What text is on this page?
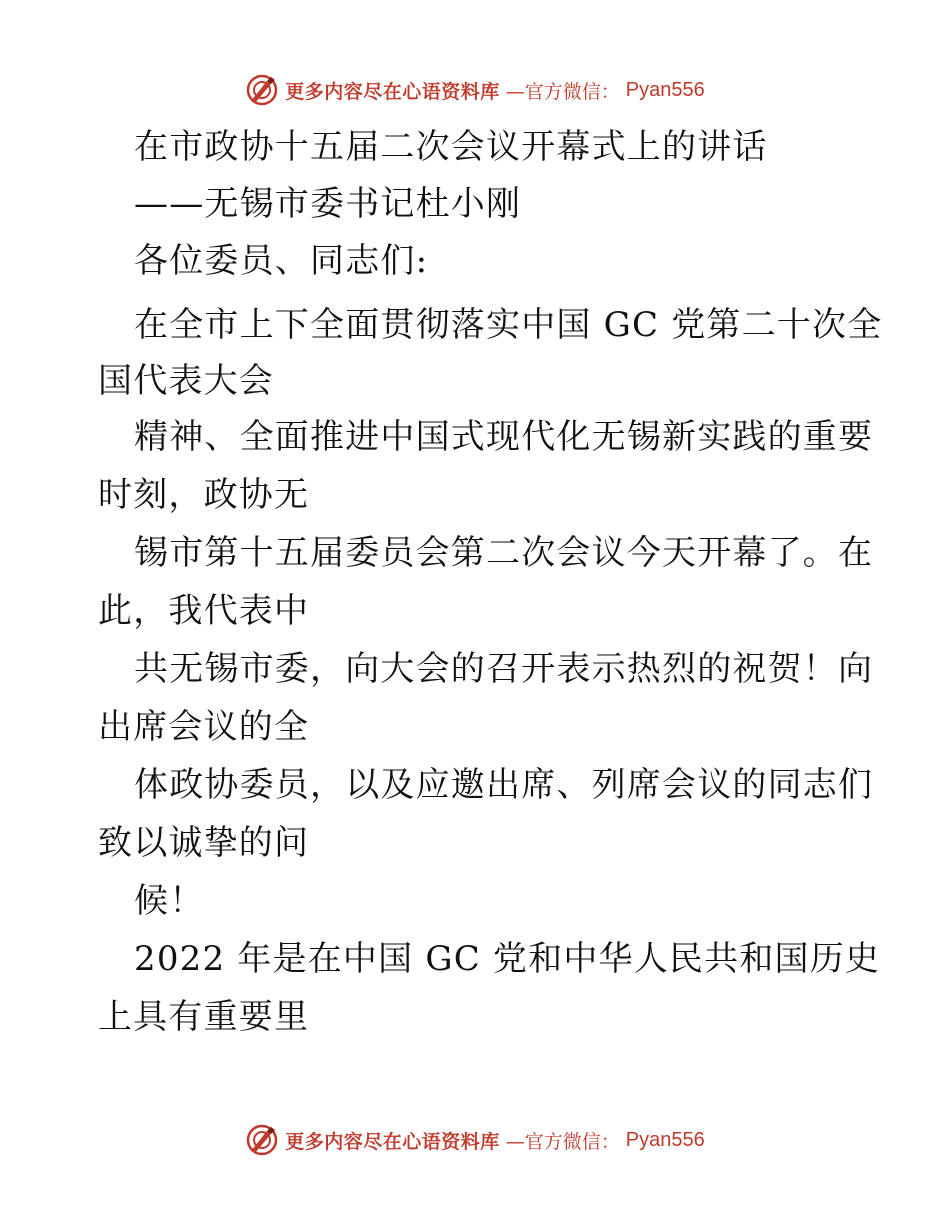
更多内容尽在心语资料库 —官方微信： Pyan556
在市政协十五届二次会议开幕式上的讲话
——无锡市委书记杜小刚
各位委员、同志们:
在全市上下全面贯彻落实中国 GC 党第二十次全
国代表大会
精神、全面推进中国式现代化无锡新实践的重要
时刻，政协无
锡市第十五届委员会第二次会议今天开幕了。在
此，我代表中
共无锡市委，向大会的召开表示热烈的祝贺！向
出席会议的全
体政协委员，以及应邀出席、列席会议的同志们
致以诚挚的问
候！
2022 年是在中国 GC 党和中华人民共和国历史
上具有重要里
更多内容尽在心语资料库 —官方微信： Pyan556
